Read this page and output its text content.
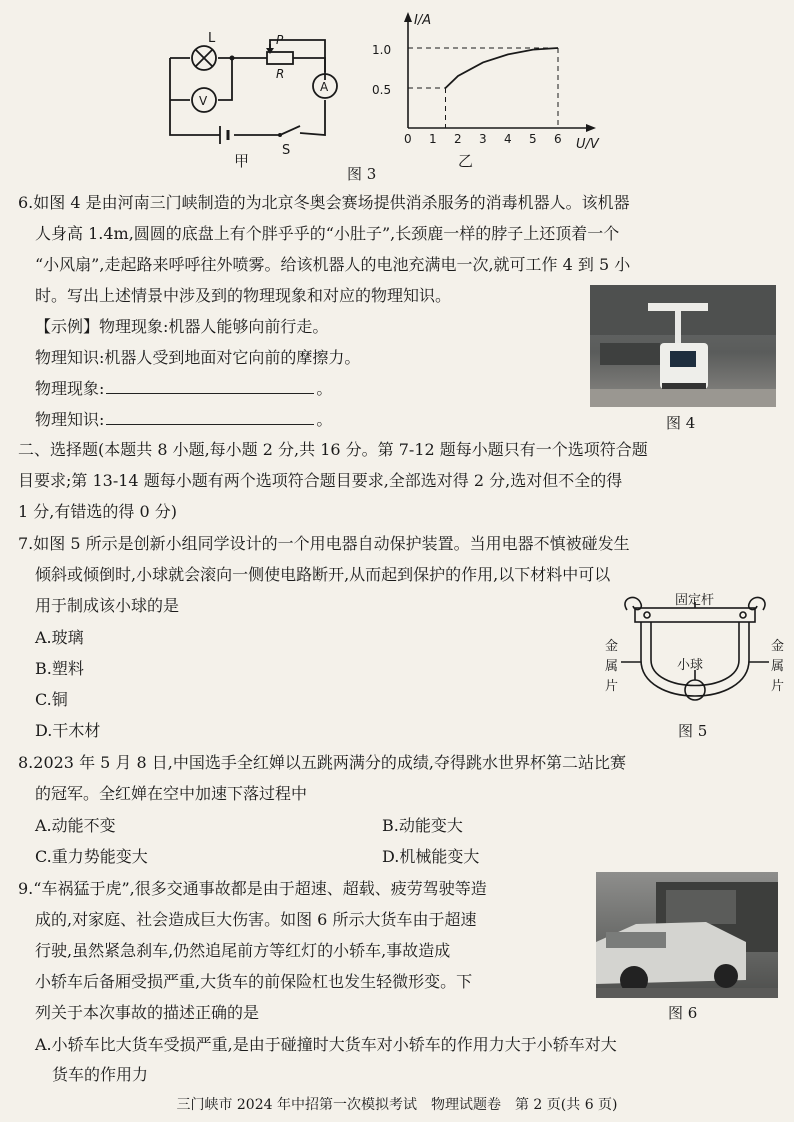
L	P
R
A
V
S
甲
图 3
I/A
U/V
1.0
0.5
0 1 2 3 4 5 6
乙
6.如图 4 是由河南三门峡制造的为北京冬奥会赛场提供消杀服务的消毒机器人。该机器
人身高 1.4m,圆圆的底盘上有个胖乎乎的“小肚子”,长颈鹿一样的脖子上还顶着一个
“小风扇”,走起路来呼呼往外喷雾。给该机器人的电池充满电一次,就可工作 4 到 5 小
时。写出上述情景中涉及到的物理现象和对应的物理知识。
【示例】物理现象:机器人能够向前行走。
物理知识:机器人受到地面对它向前的摩擦力。
物理现象:	。
物理知识:	。	图 4
二、选择题(本题共 8 小题,每小题 2 分,共 16 分。第 7-12 题每小题只有一个选项符合题
目要求;第 13-14 题每小题有两个选项符合题目要求,全部选对得 2 分,选对但不全的得
1 分,有错选的得 0 分)
7.如图 5 所示是创新小组同学设计的一个用电器自动保护装置。当用电器不慎被碰发生
倾斜或倾倒时,小球就会滚向一侧使电路断开,从而起到保护的作用,以下材料中可以
用于制成该小球的是
A.玻璃
B.塑料
C.铜
D.干木材
固定杆
小球
金
属
片
金
属
片
图 5
8.2023 年 5 月 8 日,中国选手全红婵以五跳两满分的成绩,夺得跳水世界杯第二站比赛
的冠军。全红婵在空中加速下落过程中
A.动能不变	B.动能变大
C.重力势能变大	D.机械能变大
9.“车祸猛于虎”,很多交通事故都是由于超速、超载、疲劳驾驶等造
成的,对家庭、社会造成巨大伤害。如图 6 所示大货车由于超速
行驶,虽然紧急刹车,仍然追尾前方等红灯的小轿车,事故造成
小轿车后备厢受损严重,大货车的前保险杠也发生轻微形变。下
列关于本次事故的描述正确的是	图 6
A.小轿车比大货车受损严重,是由于碰撞时大货车对小轿车的作用力大于小轿车对大
货车的作用力
三门峡市 2024 年中招第一次模拟考试　物理试题卷　第 2 页(共 6 页)
